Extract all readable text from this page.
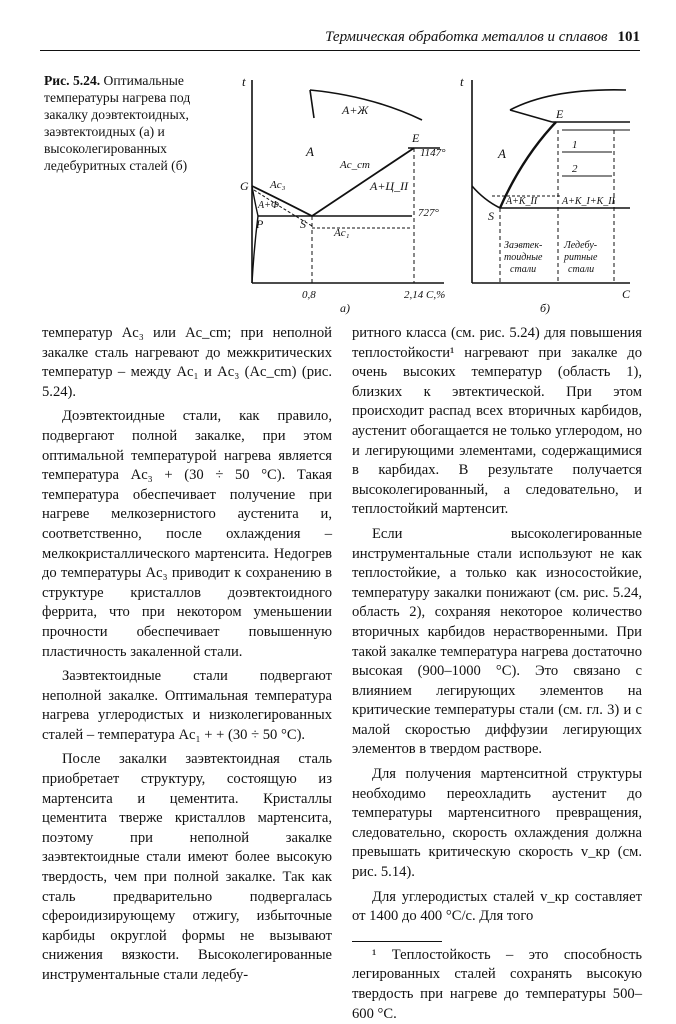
Термическая обработка металлов и сплавов 101
Рис. 5.24. Оптимальные температуры нагрева под закалку доэвтектоидных, заэвтектоидных (а) и высоколегированных ледебуритных сталей (б)
t
А+Ж
А
Ac_cm
Ac₃
Ac₁
G
E
S
P
1147°
727°
А+Ц_II
А+Ф
0,8	2,14 C,%
а)
t
E
S
А
1
2
А+К_II А+К_I+К_II
Заэвтек-
тоидные
стали
Ледебу-
ритные
стали
C
б)

температур Ac₃ или Ac_cm; при неполной закалке сталь нагревают до межкритических температур – между Ac₁ и Ac₃ (Ac_cm) (рис. 5.24).

Доэвтектоидные стали, как правило, подвергают полной закалке, при этом оптимальной температурой нагрева является температура Ac₃ + (30 ÷ 50 °C). Такая температура обеспечивает получение при нагреве мелкозернистого аустенита и, соответственно, после охлаждения – мелкокристаллического мартенсита. Недогрев до температуры Ac₃ приводит к сохранению в структуре кристаллов доэвтектоидного феррита, что при некотором уменьшении прочности обеспечивает повышенную пластичность закаленной стали.

Заэвтектоидные стали подвергают неполной закалке. Оптимальная температура нагрева углеродистых и низколегированных сталей – температура Ac₁ + + (30 ÷ 50 °C).

После закалки заэвтектоидная сталь приобретает структуру, состоящую из мартенсита и цементита. Кристаллы цементита тверже кристаллов мартенсита, поэтому при неполной закалке заэвтектоидные стали имеют более высокую твердость, чем при полной закалке. Так как сталь предварительно подвергалась сфероидизирующему отжигу, избыточные карбиды округлой формы не вызывают снижения вязкости. Высоколегированные инструментальные стали ледебу-

ритного класса (см. рис. 5.24) для повышения теплостойкости¹ нагревают при закалке до очень высоких температур (область 1), близких к эвтектической. При этом происходит распад всех вторичных карбидов, аустенит обогащается не только углеродом, но и легирующими элементами, содержащимися в карбидах. В результате получается высоколегированный, а следовательно, и теплостойкий мартенсит.

Если высоколегированные инструментальные стали используют не как теплостойкие, а только как износостойкие, температуру закалки понижают (см. рис. 5.24, область 2), сохраняя некоторое количество вторичных карбидов нерастворенными. При такой закалке температура нагрева достаточно высокая (900–1000 °C). Это связано с влиянием легирующих элементов на критические температуры стали (см. гл. 3) и с малой скоростью диффузии легирующих элементов в твердом растворе.

Для получения мартенситной структуры необходимо переохладить аустенит до температуры мартенситного превращения, следовательно, скорость охлаждения должна превышать критическую скорость v_кр (см. рис. 5.14).

Для углеродистых сталей v_кр составляет от 1400 до 400 °C/c. Для того

¹ Теплостойкость – это способность легированных сталей сохранять высокую твердость при нагреве до температуры 500–600 °C.
